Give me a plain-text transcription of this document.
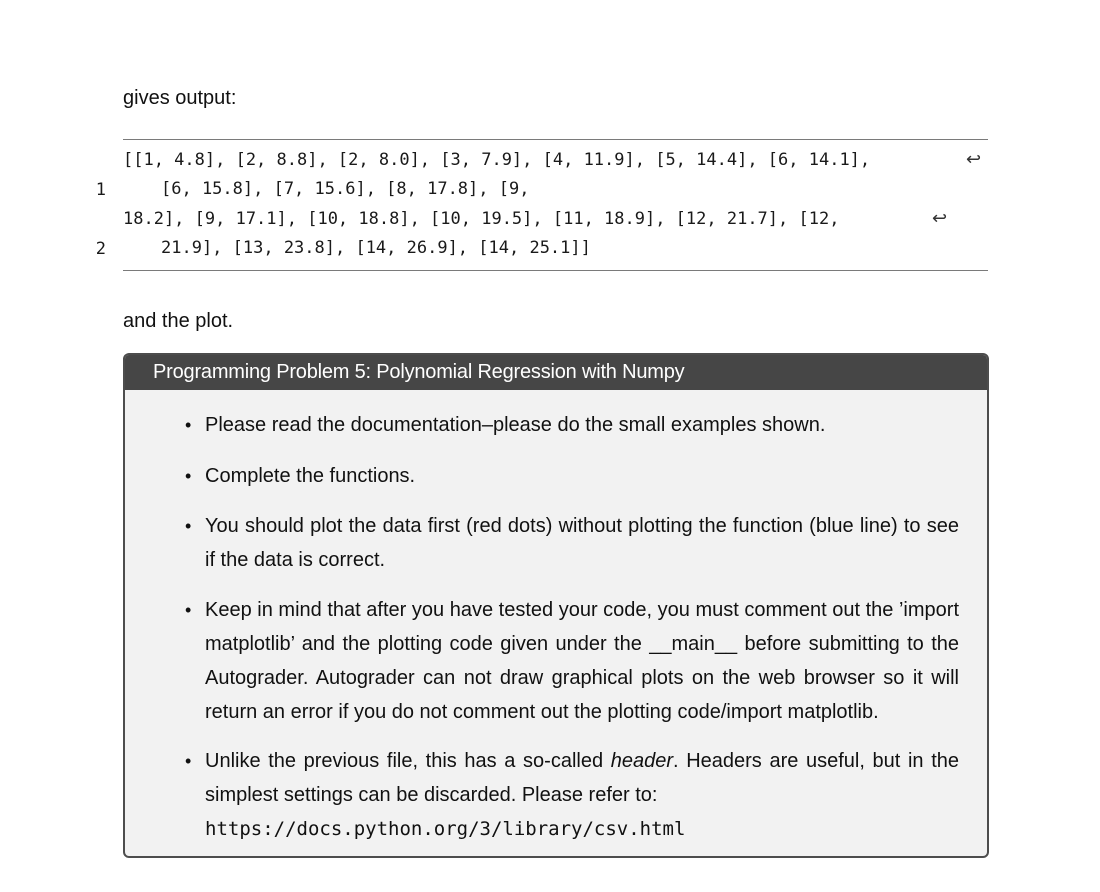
gives output:

1

[[1, 4.8], [2, 8.8], [2, 8.0], [3, 7.9], [4, 11.9], [5, 14.4], [6, 14.1],

	↩

[6, 15.8], [7, 15.6], [8, 17.8], [9,

2

18.2], [9, 17.1], [10, 18.8], [10, 19.5], [11, 18.9], [12, 21.7], [12,

	↩

21.9], [13, 23.8], [14, 26.9], [14, 25.1]]

and the plot.

Programming Problem 5: Polynomial Regression with Numpy
• Please read the documentation–please do the small examples shown.
• Complete the functions.
• You should plot the data first (red dots) without plotting the function (blue line) to see if the data is correct.
• Keep in mind that after you have tested your code, you must comment out the ’import matplotlib’ and the plotting code given under the __main__ before submitting to the Autograder. Autograder can not draw graphical plots on the web browser so it will return an error if you do not comment out the plotting code/import matplotlib.
• Unlike the previous file, this has a so-called header. Headers are useful, but in the simplest settings can be discarded. Please refer to:
https://docs.python.org/3/library/csv.html
